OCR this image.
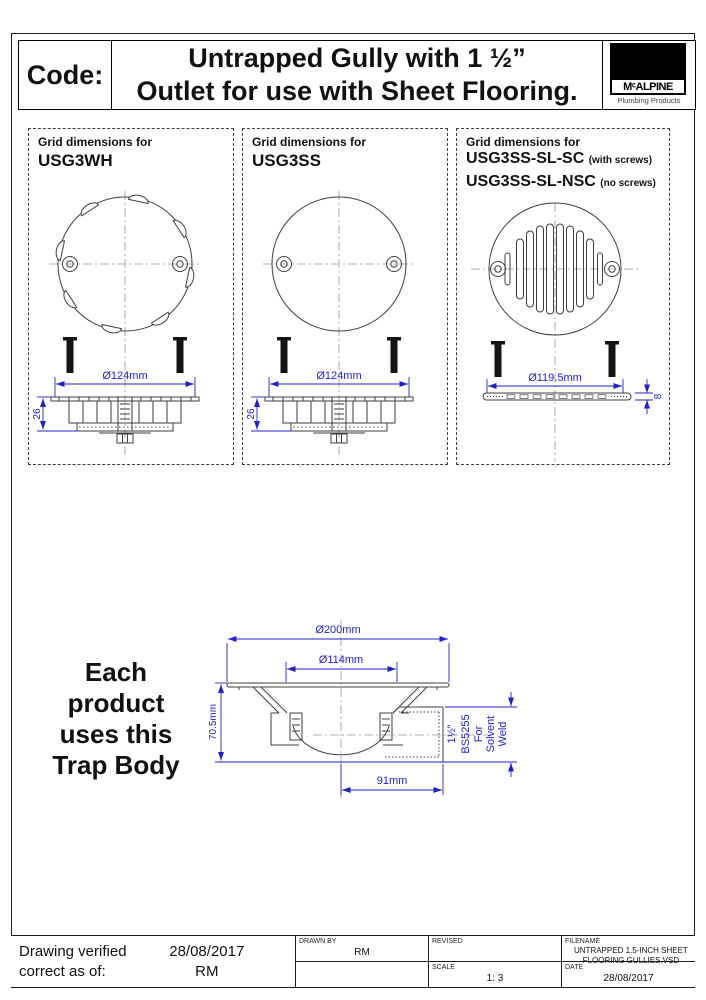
Code:
Untrapped Gully with 1 ½”
Outlet for use with Sheet Flooring.	MᶜALPINE
Plumbing Products
Grid dimensions for
USG3WH
Ø124mm
26
Grid dimensions for
USG3SS
Ø124mm
26
Grid dimensions for
USG3SS-SL-SC (with screws)
USG3SS-SL-NSC (no screws)
Ø119.5mm
8
Each
product
uses this
Trap Body
Ø200mm
Ø114mm
70.5mm
91mm
1½” BS5255 For Solvent Weld
Drawing verified
correct as of:
28/08/2017
RM
DRAWN BY
RM
REVISED
SCALE
1: 3
FILENAME
UNTRAPPED 1.5-INCH SHEET
FLOORING GULLIES.VSD
DATE
28/08/2017
